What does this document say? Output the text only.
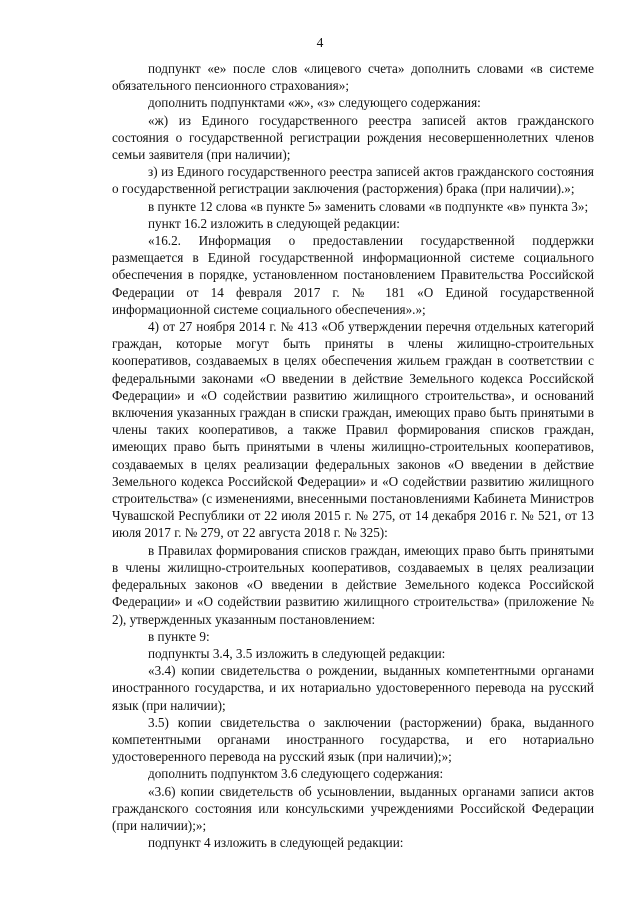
4

подпункт «е» после слов «лицевого счета» дополнить словами «в системе обязательного пенсионного страхования»;

дополнить подпунктами «ж», «з» следующего содержания:

«ж) из Единого государственного реестра записей актов гражданского состояния о государственной регистрации рождения несовершеннолетних членов семьи заявителя (при наличии);

з) из Единого государственного реестра записей актов гражданского состояния о государственной регистрации заключения (расторжения) брака (при наличии).»;

в пункте 12 слова «в пункте 5» заменить словами «в подпункте «в» пункта 3»;

пункт 16.2 изложить в следующей редакции:

«16.2. Информация о предоставлении государственной поддержки размещается в Единой государственной информационной системе социального обеспечения в порядке, установленном постановлением Правительства Российской Федерации от 14 февраля 2017 г. № 181 «О Единой государственной информационной системе социального обеспечения».»;

4) от 27 ноября 2014 г. № 413 «Об утверждении перечня отдельных категорий граждан, которые могут быть приняты в члены жилищно-строительных кооперативов, создаваемых в целях обеспечения жильем граждан в соответствии с федеральными законами «О введении в действие Земельного кодекса Российской Федерации» и «О содействии развитию жилищного строительства», и оснований включения указанных граждан в списки граждан, имеющих право быть принятыми в члены таких кооперативов, а также Правил формирования списков граждан, имеющих право быть принятыми в члены жилищно-строительных кооперативов, создаваемых в целях реализации федеральных законов «О введении в действие Земельного кодекса Российской Федерации» и «О содействии развитию жилищного строительства» (с изменениями, внесенными постановлениями Кабинета Министров Чувашской Республики от 22 июля 2015 г. № 275, от 14 декабря 2016 г. № 521, от 13 июля 2017 г. № 279, от 22 августа 2018 г. № 325):

в Правилах формирования списков граждан, имеющих право быть принятыми в члены жилищно-строительных кооперативов, создаваемых в целях реализации федеральных законов «О введении в действие Земельного кодекса Российской Федерации» и «О содействии развитию жилищного строительства» (приложение № 2), утвержденных указанным постановлением:

в пункте 9:

подпункты 3.4, 3.5 изложить в следующей редакции:

«3.4) копии свидетельства о рождении, выданных компетентными органами иностранного государства, и их нотариально удостоверенного перевода на русский язык (при наличии);

3.5) копии свидетельства о заключении (расторжении) брака, выданного компетентными органами иностранного государства, и его нотариально удостоверенного перевода на русский язык (при наличии);»;

дополнить подпунктом 3.6 следующего содержания:

«3.6) копии свидетельств об усыновлении, выданных органами записи актов гражданского состояния или консульскими учреждениями Российской Федерации (при наличии);»;

подпункт 4 изложить в следующей редакции:
